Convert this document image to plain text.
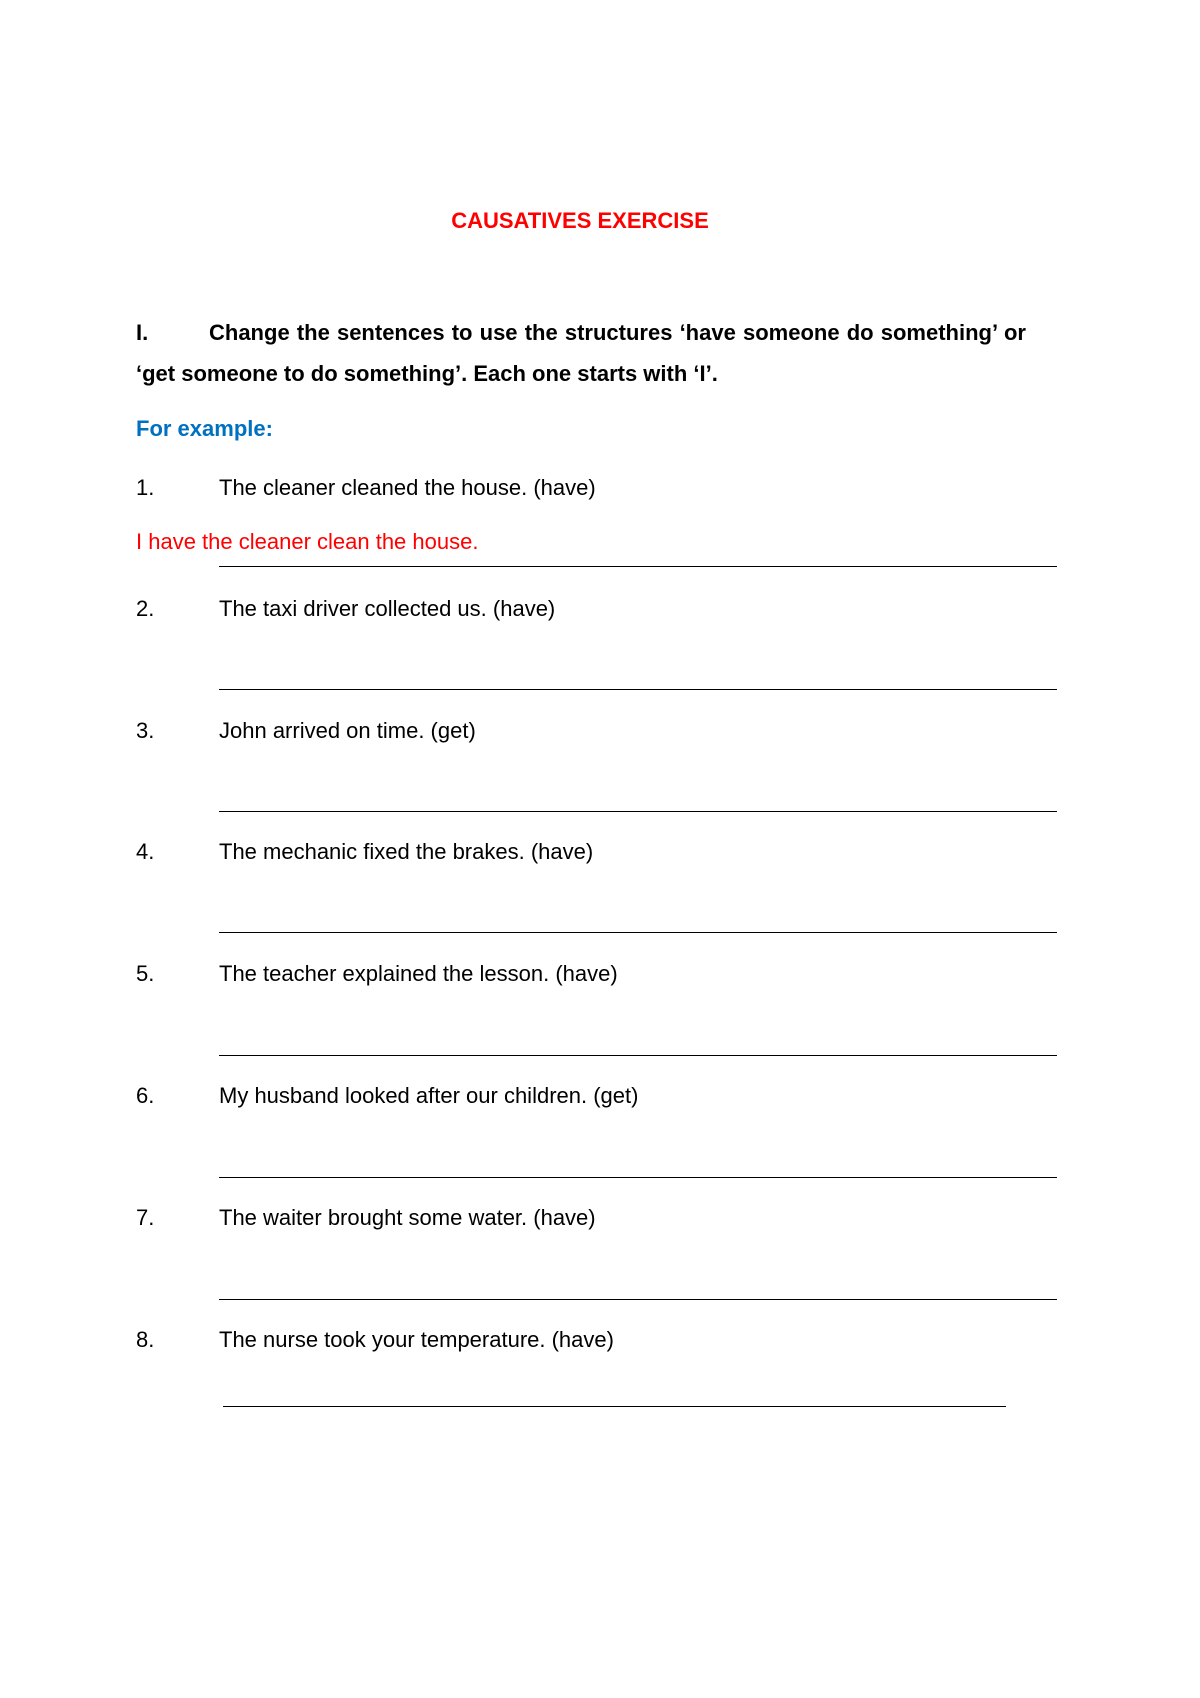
CAUSATIVES EXERCISE
I.	Change the sentences to use the structures ‘have someone do something’ or ‘get someone to do something’. Each one starts with ‘I’.
For example:
1.	The cleaner cleaned the house. (have)
I have the cleaner clean the house.
2.	The taxi driver collected us. (have)
3.	John arrived on time. (get)
4.	The mechanic fixed the brakes. (have)
5.	The teacher explained the lesson. (have)
6.	My husband looked after our children. (get)
7.	The waiter brought some water. (have)
8.	The nurse took your temperature. (have)
